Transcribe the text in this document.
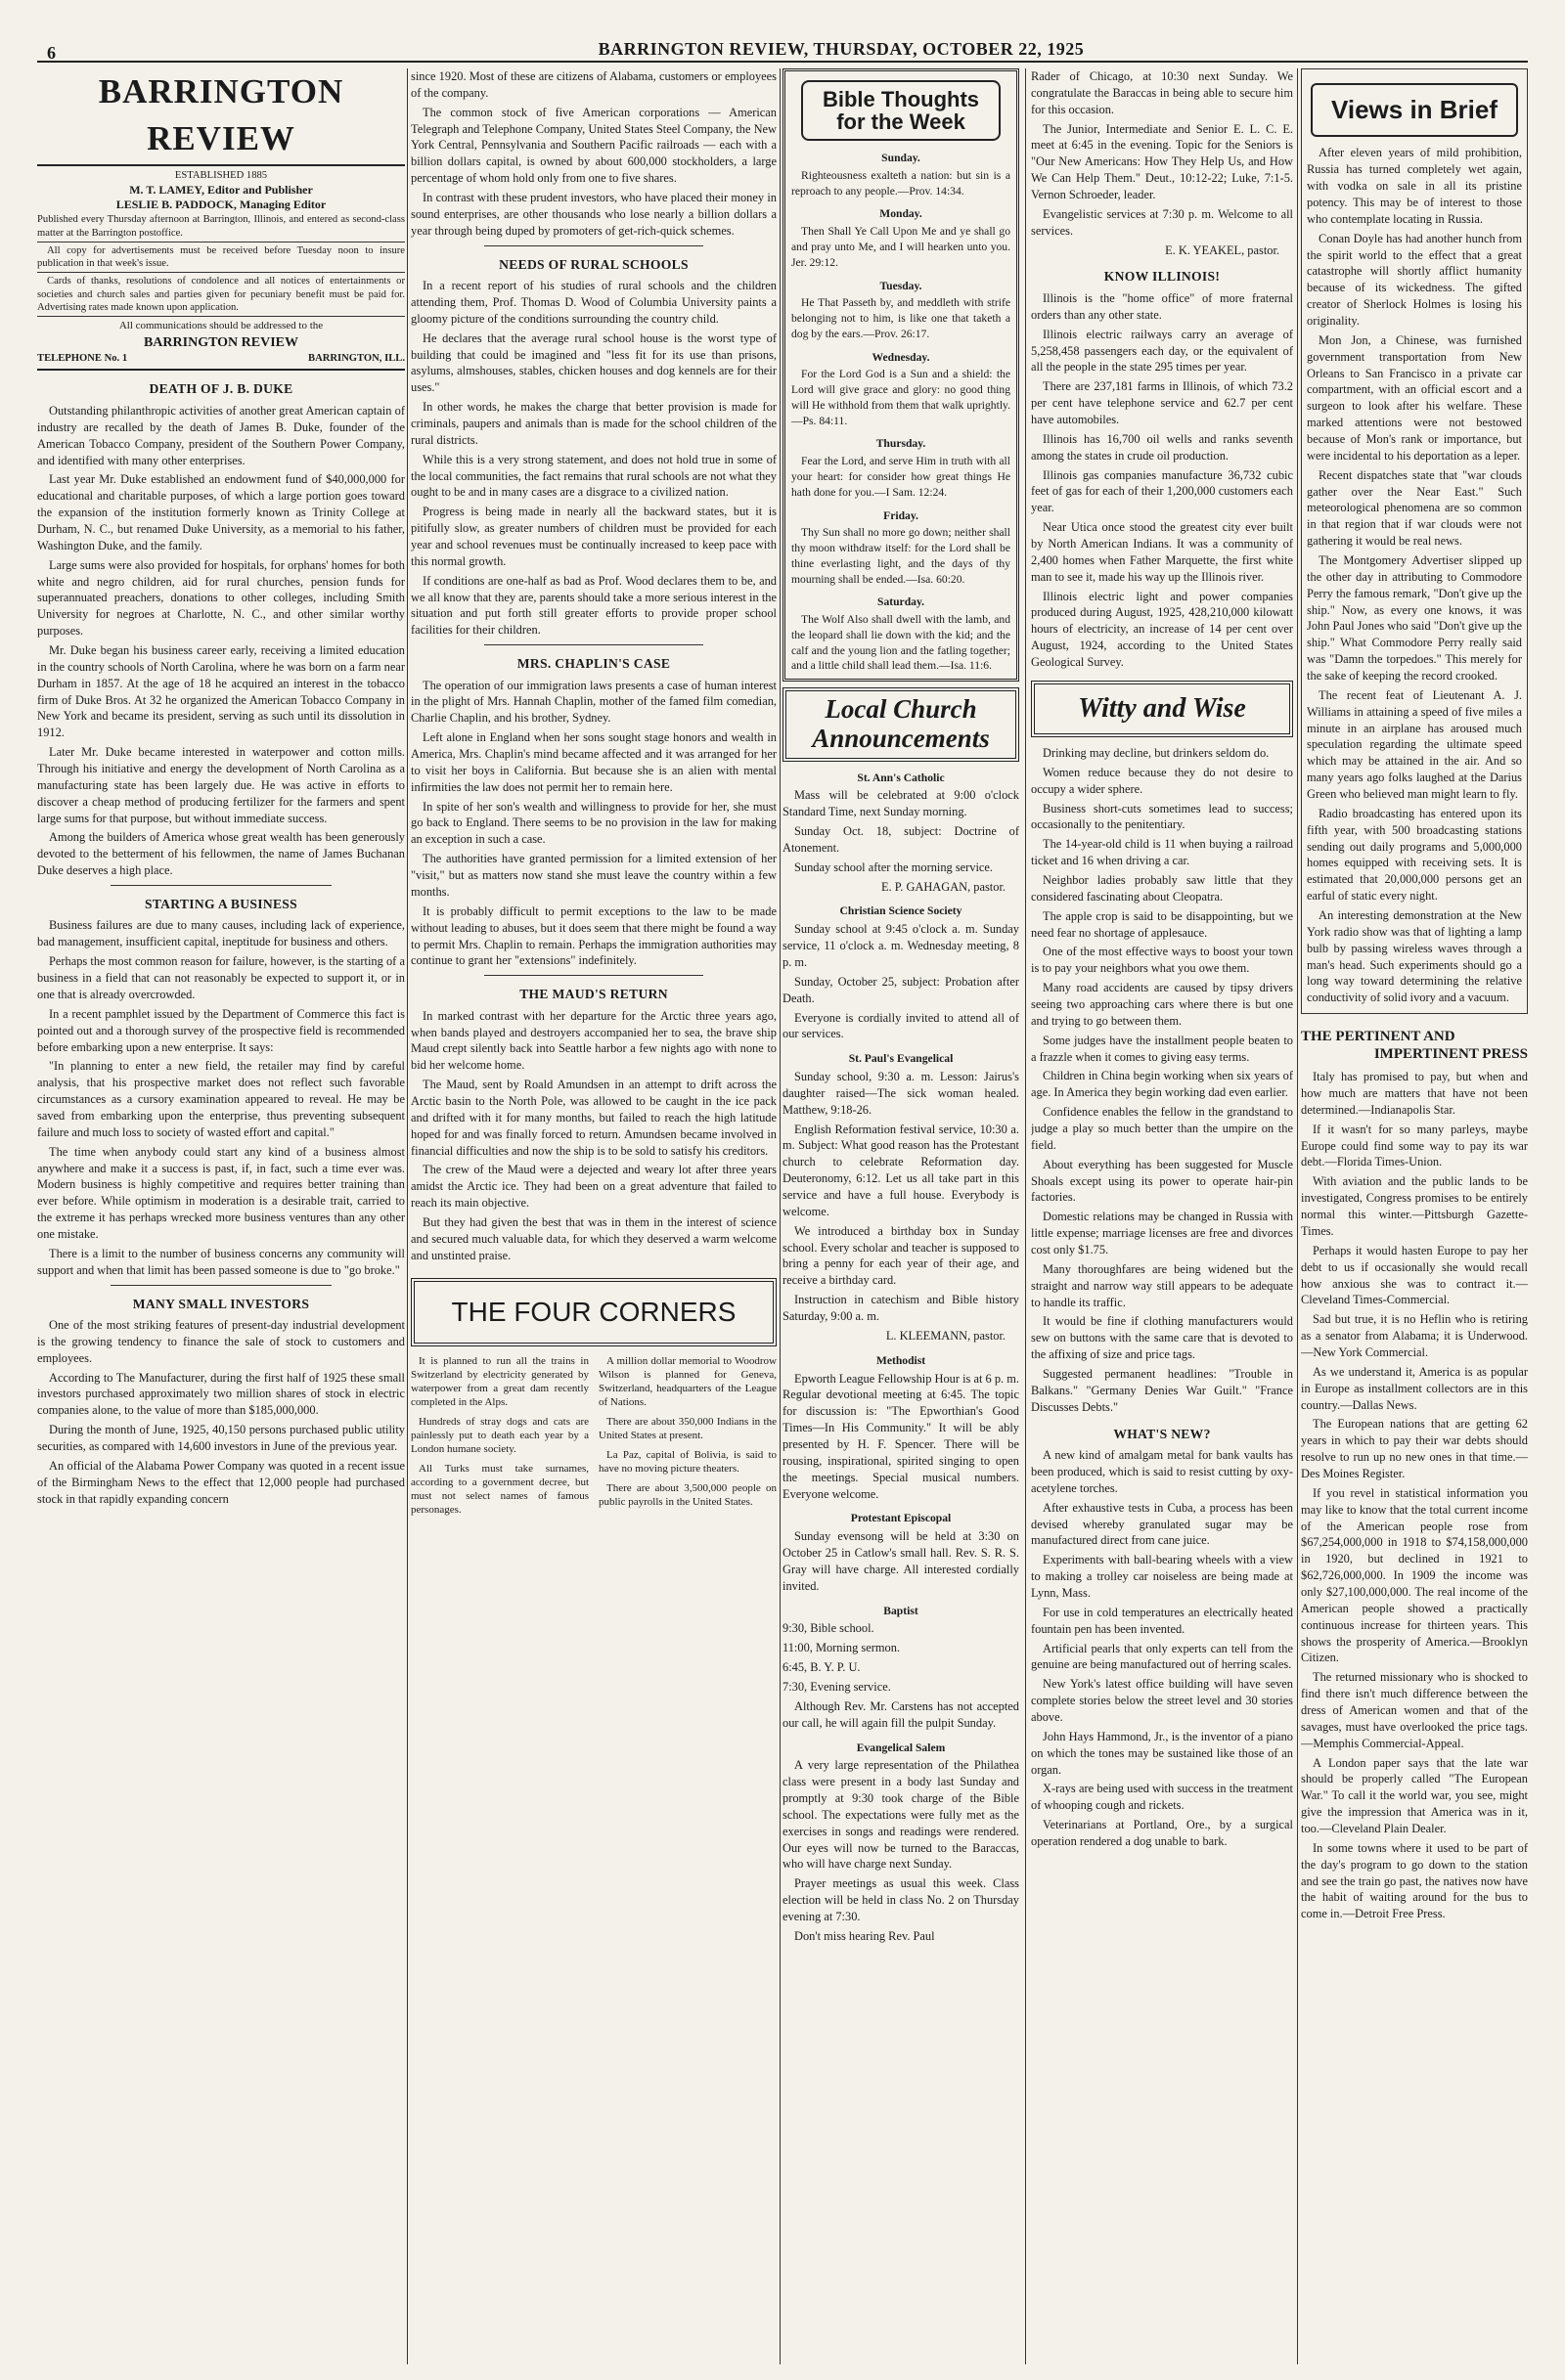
6	BARRINGTON REVIEW, THURSDAY, OCTOBER 22, 1925
BARRINGTON REVIEW
ESTABLISHED 1885
M. T. LAMEY, Editor and Publisher
LESLIE B. PADDOCK, Managing Editor
Published every Thursday afternoon at Barrington, Illinois, and entered as second-class matter at the Barrington postoffice.
All copy for advertisements must be received before Tuesday noon to insure publication in that week's issue.
Cards of thanks, resolutions of condolence and all notices of entertainments or societies and church sales and parties given for pecuniary benefit must be paid for. Advertising rates made known upon application.
All communications should be addressed to the
BARRINGTON REVIEW
TELEPHONE No. 1	BARRINGTON, ILL.
DEATH OF J. B. DUKE

Outstanding philanthropic activities of another great American captain of industry are recalled by the death of James B. Duke, founder of the American Tobacco Company, president of the Southern Power Company, and identified with many other enterprises.

Last year Mr. Duke established an endowment fund of $40,000,000 for educational and charitable purposes, of which a large portion goes toward the expansion of the institution formerly known as Trinity College at Durham, N. C., but renamed Duke University, as a memorial to his father, Washington Duke, and the family.

Large sums were also provided for hospitals, for orphans' homes for both white and negro children, aid for rural churches, pension funds for superannuated preachers, donations to other colleges, including Smith University for negroes at Charlotte, N. C., and other similar worthy purposes.

Mr. Duke began his business career early, receiving a limited education in the country schools of North Carolina, where he was born on a farm near Durham in 1857. At the age of 18 he acquired an interest in the tobacco firm of Duke Bros. At 32 he organized the American Tobacco Company in New York and became its president, serving as such until its dissolution in 1912.

Later Mr. Duke became interested in waterpower and cotton mills. Through his initiative and energy the development of North Carolina as a manufacturing state has been largely due. He was active in efforts to discover a cheap method of producing fertilizer for the farmers and spent large sums for that purpose, but without immediate success.

Among the builders of America whose great wealth has been generously devoted to the betterment of his fellowmen, the name of James Buchanan Duke deserves a high place.

STARTING A BUSINESS

Business failures are due to many causes, including lack of experience, bad management, insufficient capital, ineptitude for business and others.

Perhaps the most common reason for failure, however, is the starting of a business in a field that can not reasonably be expected to support it, or in one that is already overcrowded.

In a recent pamphlet issued by the Department of Commerce this fact is pointed out and a thorough survey of the prospective field is recommended before embarking upon a new enterprise. It says:

"In planning to enter a new field, the retailer may find by careful analysis, that his prospective market does not reflect such favorable circumstances as a cursory examination appeared to reveal. He may be saved from embarking upon the enterprise, thus preventing subsequent failure and much loss to society of wasted effort and capital."

The time when anybody could start any kind of a business almost anywhere and make it a success is past, if, in fact, such a time ever was. Modern business is highly competitive and requires better training than ever before. While optimism in moderation is a desirable trait, carried to the extreme it has perhaps wrecked more business ventures than any other one mistake.

There is a limit to the number of business concerns any community will support and when that limit has been passed someone is due to "go broke."

MANY SMALL INVESTORS

One of the most striking features of present-day industrial development is the growing tendency to finance the sale of stock to customers and employees.

According to The Manufacturer, during the first half of 1925 these small investors purchased approximately two million shares of stock in electric companies alone, to the value of more than $185,000,000.

During the month of June, 1925, 40,150 persons purchased public utility securities, as compared with 14,600 investors in June of the previous year.

An official of the Alabama Power Company was quoted in a recent issue of the Birmingham News to the effect that 12,000 people had purchased stock in that rapidly expanding concern

since 1920. Most of these are citizens of Alabama, customers or employees of the company.

The common stock of five American corporations — American Telegraph and Telephone Company, United States Steel Company, the New York Central, Pennsylvania and Southern Pacific railroads — each with a billion dollars capital, is owned by about 600,000 stockholders, a large percentage of whom hold only from one to five shares.

In contrast with these prudent investors, who have placed their money in sound enterprises, are other thousands who lose nearly a billion dollars a year through being duped by promoters of get-rich-quick schemes.

NEEDS OF RURAL SCHOOLS

In a recent report of his studies of rural schools and the children attending them, Prof. Thomas D. Wood of Columbia University paints a gloomy picture of the conditions surrounding the country child.

He declares that the average rural school house is the worst type of building that could be imagined and "less fit for its use than prisons, asylums, almshouses, stables, chicken houses and dog kennels are for their uses."

In other words, he makes the charge that better provision is made for criminals, paupers and animals than is made for the school children of the rural districts.

While this is a very strong statement, and does not hold true in some of the local communities, the fact remains that rural schools are not what they ought to be and in many cases are a disgrace to a civilized nation.

Progress is being made in nearly all the backward states, but it is pitifully slow, as greater numbers of children must be provided for each year and school revenues must be continually increased to keep pace with this normal growth.

If conditions are one-half as bad as Prof. Wood declares them to be, and we all know that they are, parents should take a more serious interest in the situation and put forth still greater efforts to provide proper school facilities for their children.

MRS. CHAPLIN'S CASE

The operation of our immigration laws presents a case of human interest in the plight of Mrs. Hannah Chaplin, mother of the famed film comedian, Charlie Chaplin, and his brother, Sydney.

Left alone in England when her sons sought stage honors and wealth in America, Mrs. Chaplin's mind became affected and it was arranged for her to visit her boys in California. But because she is an alien with mental infirmities the law does not permit her to remain here.

In spite of her son's wealth and willingness to provide for her, she must go back to England. There seems to be no provision in the law for making an exception in such a case.

The authorities have granted permission for a limited extension of her "visit," but as matters now stand she must leave the country within a few months.

It is probably difficult to permit exceptions to the law to be made without leading to abuses, but it does seem that there might be found a way to permit Mrs. Chaplin to remain. Perhaps the immigration authorities may continue to grant her "extensions" indefinitely.

THE MAUD'S RETURN

In marked contrast with her departure for the Arctic three years ago, when bands played and destroyers accompanied her to sea, the brave ship Maud crept silently back into Seattle harbor a few nights ago with none to bid her welcome home.

The Maud, sent by Roald Amundsen in an attempt to drift across the Arctic basin to the North Pole, was allowed to be caught in the ice pack and drifted with it for many months, but failed to reach the high latitude hoped for and was finally forced to return. Amundsen became involved in financial difficulties and now the ship is to be sold to satisfy his creditors.

The crew of the Maud were a dejected and weary lot after three years amidst the Arctic ice. They had been on a great adventure that failed to reach its main objective.

But they had given the best that was in them in the interest of science and secured much valuable data, for which they deserved a warm welcome and unstinted praise.

THE FOUR CORNERS

It is planned to run all the trains in Switzerland by electricity generated by waterpower from a great dam recently completed in the Alps.

Hundreds of stray dogs and cats are painlessly put to death each year by a London humane society.

All Turks must take surnames, according to a government decree, but must not select names of famous personages.

A million dollar memorial to Woodrow Wilson is planned for Geneva, Switzerland, headquarters of the League of Nations.

There are about 350,000 Indians in the United States at present.

La Paz, capital of Bolivia, is said to have no moving picture theaters.

There are about 3,500,000 people on public payrolls in the United States.

Bible Thoughts for the Week
Sunday.

Righteousness exalteth a nation: but sin is a reproach to any people.—Prov. 14:34.

Monday.

Then Shall Ye Call Upon Me and ye shall go and pray unto Me, and I will hearken unto you. Jer. 29:12.

Tuesday.

He That Passeth by, and meddleth with strife belonging not to him, is like one that taketh a dog by the ears.—Prov. 26:17.

Wednesday.

For the Lord God is a Sun and a shield: the Lord will give grace and glory: no good thing will He withhold from them that walk uprightly.—Ps. 84:11.

Thursday.

Fear the Lord, and serve Him in truth with all your heart: for consider how great things He hath done for you.—I Sam. 12:24.

Friday.

Thy Sun shall no more go down; neither shall thy moon withdraw itself: for the Lord shall be thine everlasting light, and the days of thy mourning shall be ended.—Isa. 60:20.

Saturday.

The Wolf Also shall dwell with the lamb, and the leopard shall lie down with the kid; and the calf and the young lion and the fatling together; and a little child shall lead them.—Isa. 11:6.

Local Church Announcements
St. Ann's Catholic

Mass will be celebrated at 9:00 o'clock Standard Time, next Sunday morning.

Sunday Oct. 18, subject: Doctrine of Atonement.

Sunday school after the morning service.

E. P. GAHAGAN, pastor.
Christian Science Society

Sunday school at 9:45 o'clock a. m. Sunday service, 11 o'clock a. m. Wednesday meeting, 8 p. m.

Sunday, October 25, subject: Probation after Death.

Everyone is cordially invited to attend all of our services.

St. Paul's Evangelical

Sunday school, 9:30 a. m. Lesson: Jairus's daughter raised—The sick woman healed. Matthew, 9:18-26.

English Reformation festival service, 10:30 a. m. Subject: What good reason has the Protestant church to celebrate Reformation day. Deuteronomy, 6:12. Let us all take part in this service and have a full house. Everybody is welcome.

We introduced a birthday box in Sunday school. Every scholar and teacher is supposed to bring a penny for each year of their age, and receive a birthday card.

Instruction in catechism and Bible history Saturday, 9:00 a. m.

L. KLEEMANN, pastor.
Methodist

Epworth League Fellowship Hour is at 6 p. m. Regular devotional meeting at 6:45. The topic for discussion is: "The Epworthian's Good Times—In His Community." It will be ably presented by H. F. Spencer. There will be rousing, inspirational, spirited singing to open the meetings. Special musical numbers. Everyone welcome.

Protestant Episcopal

Sunday evensong will be held at 3:30 on October 25 in Catlow's small hall. Rev. S. R. S. Gray will have charge. All interested cordially invited.

Baptist

9:30, Bible school.

11:00, Morning sermon.

6:45, B. Y. P. U.

7:30, Evening service.

Although Rev. Mr. Carstens has not accepted our call, he will again fill the pulpit Sunday.

Evangelical Salem

A very large representation of the Philathea class were present in a body last Sunday and promptly at 9:30 took charge of the Bible school. The expectations were fully met as the exercises in songs and readings were rendered. Our eyes will now be turned to the Baraccas, who will have charge next Sunday.

Prayer meetings as usual this week. Class election will be held in class No. 2 on Thursday evening at 7:30.

Don't miss hearing Rev. Paul

Rader of Chicago, at 10:30 next Sunday. We congratulate the Baraccas in being able to secure him for this occasion.

The Junior, Intermediate and Senior E. L. C. E. meet at 6:45 in the evening. Topic for the Seniors is "Our New Americans: How They Help Us, and How We Can Help Them." Deut., 10:12-22; Luke, 7:1-5. Vernon Schroeder, leader.

Evangelistic services at 7:30 p. m. Welcome to all services.

E. K. YEAKEL, pastor.
KNOW ILLINOIS!

Illinois is the "home office" of more fraternal orders than any other state.

Illinois electric railways carry an average of 5,258,458 passengers each day, or the equivalent of all the people in the state 295 times per year.

There are 237,181 farms in Illinois, of which 73.2 per cent have telephone service and 62.7 per cent have automobiles.

Illinois has 16,700 oil wells and ranks seventh among the states in crude oil production.

Illinois gas companies manufacture 36,732 cubic feet of gas for each of their 1,200,000 customers each year.

Near Utica once stood the greatest city ever built by North American Indians. It was a community of 2,400 homes when Father Marquette, the first white man to see it, made his way up the Illinois river.

Illinois electric light and power companies produced during August, 1925, 428,210,000 kilowatt hours of electricity, an increase of 14 per cent over August, 1924, according to the United States Geological Survey.

Witty and Wise

Drinking may decline, but drinkers seldom do.

Women reduce because they do not desire to occupy a wider sphere.

Business short-cuts sometimes lead to success; occasionally to the penitentiary.

The 14-year-old child is 11 when buying a railroad ticket and 16 when driving a car.

Neighbor ladies probably saw little that they considered fascinating about Cleopatra.

The apple crop is said to be disappointing, but we need fear no shortage of applesauce.

One of the most effective ways to boost your town is to pay your neighbors what you owe them.

Many road accidents are caused by tipsy drivers seeing two approaching cars where there is but one and trying to go between them.

Some judges have the installment people beaten to a frazzle when it comes to giving easy terms.

Children in China begin working when six years of age. In America they begin working dad even earlier.

Confidence enables the fellow in the grandstand to judge a play so much better than the umpire on the field.

About everything has been suggested for Muscle Shoals except using its power to operate hair-pin factories.

Domestic relations may be changed in Russia with little expense; marriage licenses are free and divorces cost only $1.75.

Many thoroughfares are being widened but the straight and narrow way still appears to be adequate to handle its traffic.

It would be fine if clothing manufacturers would sew on buttons with the same care that is devoted to the affixing of size and price tags.

Suggested permanent headlines: "Trouble in Balkans." "Germany Denies War Guilt." "France Discusses Debts."

WHAT'S NEW?

A new kind of amalgam metal for bank vaults has been produced, which is said to resist cutting by oxy-acetylene torches.

After exhaustive tests in Cuba, a process has been devised whereby granulated sugar may be manufactured direct from cane juice.

Experiments with ball-bearing wheels with a view to making a trolley car noiseless are being made at Lynn, Mass.

For use in cold temperatures an electrically heated fountain pen has been invented.

Artificial pearls that only experts can tell from the genuine are being manufactured out of herring scales.

New York's latest office building will have seven complete stories below the street level and 30 stories above.

John Hays Hammond, Jr., is the inventor of a piano on which the tones may be sustained like those of an organ.

X-rays are being used with success in the treatment of whooping cough and rickets.

Veterinarians at Portland, Ore., by a surgical operation rendered a dog unable to bark.

Views in Brief

After eleven years of mild prohibition, Russia has turned completely wet again, with vodka on sale in all its pristine potency. This may be of interest to those who contemplate locating in Russia.

Conan Doyle has had another hunch from the spirit world to the effect that a great catastrophe will shortly afflict humanity because of its wickedness. The gifted creator of Sherlock Holmes is losing his originality.

Mon Jon, a Chinese, was furnished government transportation from New Orleans to San Francisco in a private car compartment, with an official escort and a surgeon to look after his welfare. These marked attentions were not bestowed because of Mon's rank or importance, but were incidental to his deportation as a leper.

Recent dispatches state that "war clouds gather over the Near East." Such meteorological phenomena are so common in that region that if war clouds were not gathering it would be real news.

The Montgomery Advertiser slipped up the other day in attributing to Commodore Perry the famous remark, "Don't give up the ship." Now, as every one knows, it was John Paul Jones who said "Don't give up the ship." What Commodore Perry really said was "Damn the torpedoes." This merely for the sake of keeping the record crooked.

The recent feat of Lieutenant A. J. Williams in attaining a speed of five miles a minute in an airplane has aroused much speculation regarding the ultimate speed which may be attained in the air. And so many years ago folks laughed at the Darius Green who believed man might learn to fly.

Radio broadcasting has entered upon its fifth year, with 500 broadcasting stations sending out daily programs and 5,000,000 homes equipped with receiving sets. It is estimated that 20,000,000 persons get an earful of static every night.

An interesting demonstration at the New York radio show was that of lighting a lamp bulb by passing wireless waves through a man's head. Such experiments should go a long way toward determining the relative conductivity of solid ivory and a vacuum.

THE PERTINENT AND
IMPERTINENT PRESS

Italy has promised to pay, but when and how much are matters that have not been determined.—Indianapolis Star.

If it wasn't for so many parleys, maybe Europe could find some way to pay its war debt.—Florida Times-Union.

With aviation and the public lands to be investigated, Congress promises to be entirely normal this winter.—Pittsburgh Gazette-Times.

Perhaps it would hasten Europe to pay her debt to us if occasionally she would recall how anxious she was to contract it.—Cleveland Times-Commercial.

Sad but true, it is no Heflin who is retiring as a senator from Alabama; it is Underwood.—New York Commercial.

As we understand it, America is as popular in Europe as installment collectors are in this country.—Dallas News.

The European nations that are getting 62 years in which to pay their war debts should resolve to run up no new ones in that time.—Des Moines Register.

If you revel in statistical information you may like to know that the total current income of the American people rose from $67,254,000,000 in 1918 to $74,158,000,000 in 1920, but declined in 1921 to $62,726,000,000. In 1909 the income was only $27,100,000,000. The real income of the American people showed a practically continuous increase for thirteen years. This shows the prosperity of America.—Brooklyn Citizen.

The returned missionary who is shocked to find there isn't much difference between the dress of American women and that of the savages, must have overlooked the price tags.—Memphis Commercial-Appeal.

A London paper says that the late war should be properly called "The European War." To call it the world war, you see, might give the impression that America was in it, too.—Cleveland Plain Dealer.

In some towns where it used to be part of the day's program to go down to the station and see the train go past, the natives now have the habit of waiting around for the bus to come in.—Detroit Free Press.
